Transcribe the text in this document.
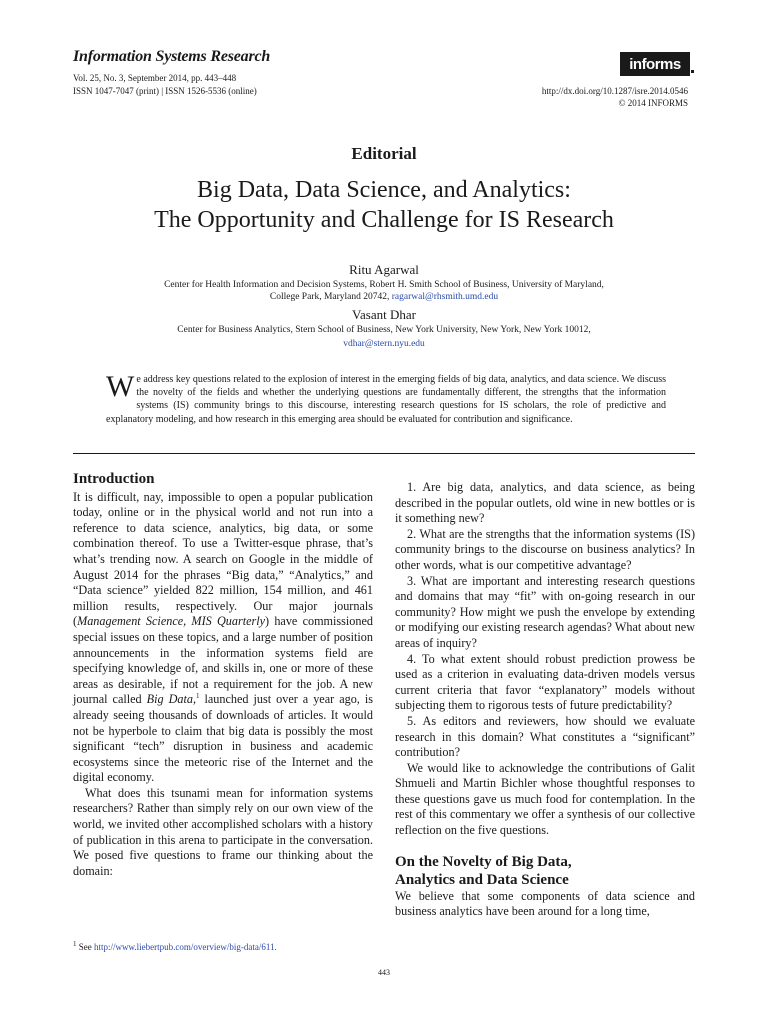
Information Systems Research
Vol. 25, No. 3, September 2014, pp. 443–448
ISSN 1047-7047 (print) | ISSN 1526-5536 (online)
informs
http://dx.doi.org/10.1287/isre.2014.0546
© 2014 INFORMS
Editorial
Big Data, Data Science, and Analytics:
The Opportunity and Challenge for IS Research
Ritu Agarwal
Center for Health Information and Decision Systems, Robert H. Smith School of Business, University of Maryland,
College Park, Maryland 20742, ragarwal@rhsmith.umd.edu
Vasant Dhar
Center for Business Analytics, Stern School of Business, New York University, New York, New York 10012,
vdhar@stern.nyu.edu
We address key questions related to the explosion of interest in the emerging fields of big data, analytics, and data science. We discuss the novelty of the fields and whether the underlying questions are fundamentally different, the strengths that the information systems (IS) community brings to this discourse, interesting research questions for IS scholars, the role of predictive and explanatory modeling, and how research in this emerging area should be evaluated for contribution and significance.
Introduction

It is difficult, nay, impossible to open a popular publication today, online or in the physical world and not run into a reference to data science, analytics, big data, or some combination thereof. To use a Twitter-esque phrase, that’s what’s trending now. A search on Google in the middle of August 2014 for the phrases “Big data,” “Analytics,” and “Data science” yielded 822 million, 154 million, and 461 million results, respectively. Our major journals (Management Science, MIS Quarterly) have commissioned special issues on these topics, and a large number of position announcements in the information systems field are specifying knowledge of, and skills in, one or more of these areas as desirable, if not a requirement for the job. A new journal called Big Data,$^1$ launched just over a year ago, is already seeing thousands of downloads of articles. It would not be hyperbole to claim that big data is possibly the most significant “tech” disruption in business and academic ecosystems since the meteoric rise of the Internet and the digital economy.

What does this tsunami mean for information systems researchers? Rather than simply rely on our own view of the world, we invited other accomplished scholars with a history of publication in this arena to participate in the conversation. We posed five questions to frame our thinking about the domain:

1. Are big data, analytics, and data science, as being described in the popular outlets, old wine in new bottles or is it something new?

2. What are the strengths that the information systems (IS) community brings to the discourse on business analytics? In other words, what is our competitive advantage?

3. What are important and interesting research questions and domains that may “fit” with on-going research in our community? How might we push the envelope by extending or modifying our existing research agendas? What about new areas of inquiry?

4. To what extent should robust prediction prowess be used as a criterion in evaluating data-driven models versus current criteria that favor “explanatory” models without subjecting them to rigorous tests of future predictability?

5. As editors and reviewers, how should we evaluate research in this domain? What constitutes a “significant” contribution?

We would like to acknowledge the contributions of Galit Shmueli and Martin Bichler whose thoughtful responses to these questions gave us much food for contemplation. In the rest of this commentary we offer a synthesis of our collective reflection on the five questions.

On the Novelty of Big Data,
Analytics and Data Science

We believe that some components of data science and business analytics have been around for a long time,

$^1$ See http://www.liebertpub.com/overview/big-data/611.
443
